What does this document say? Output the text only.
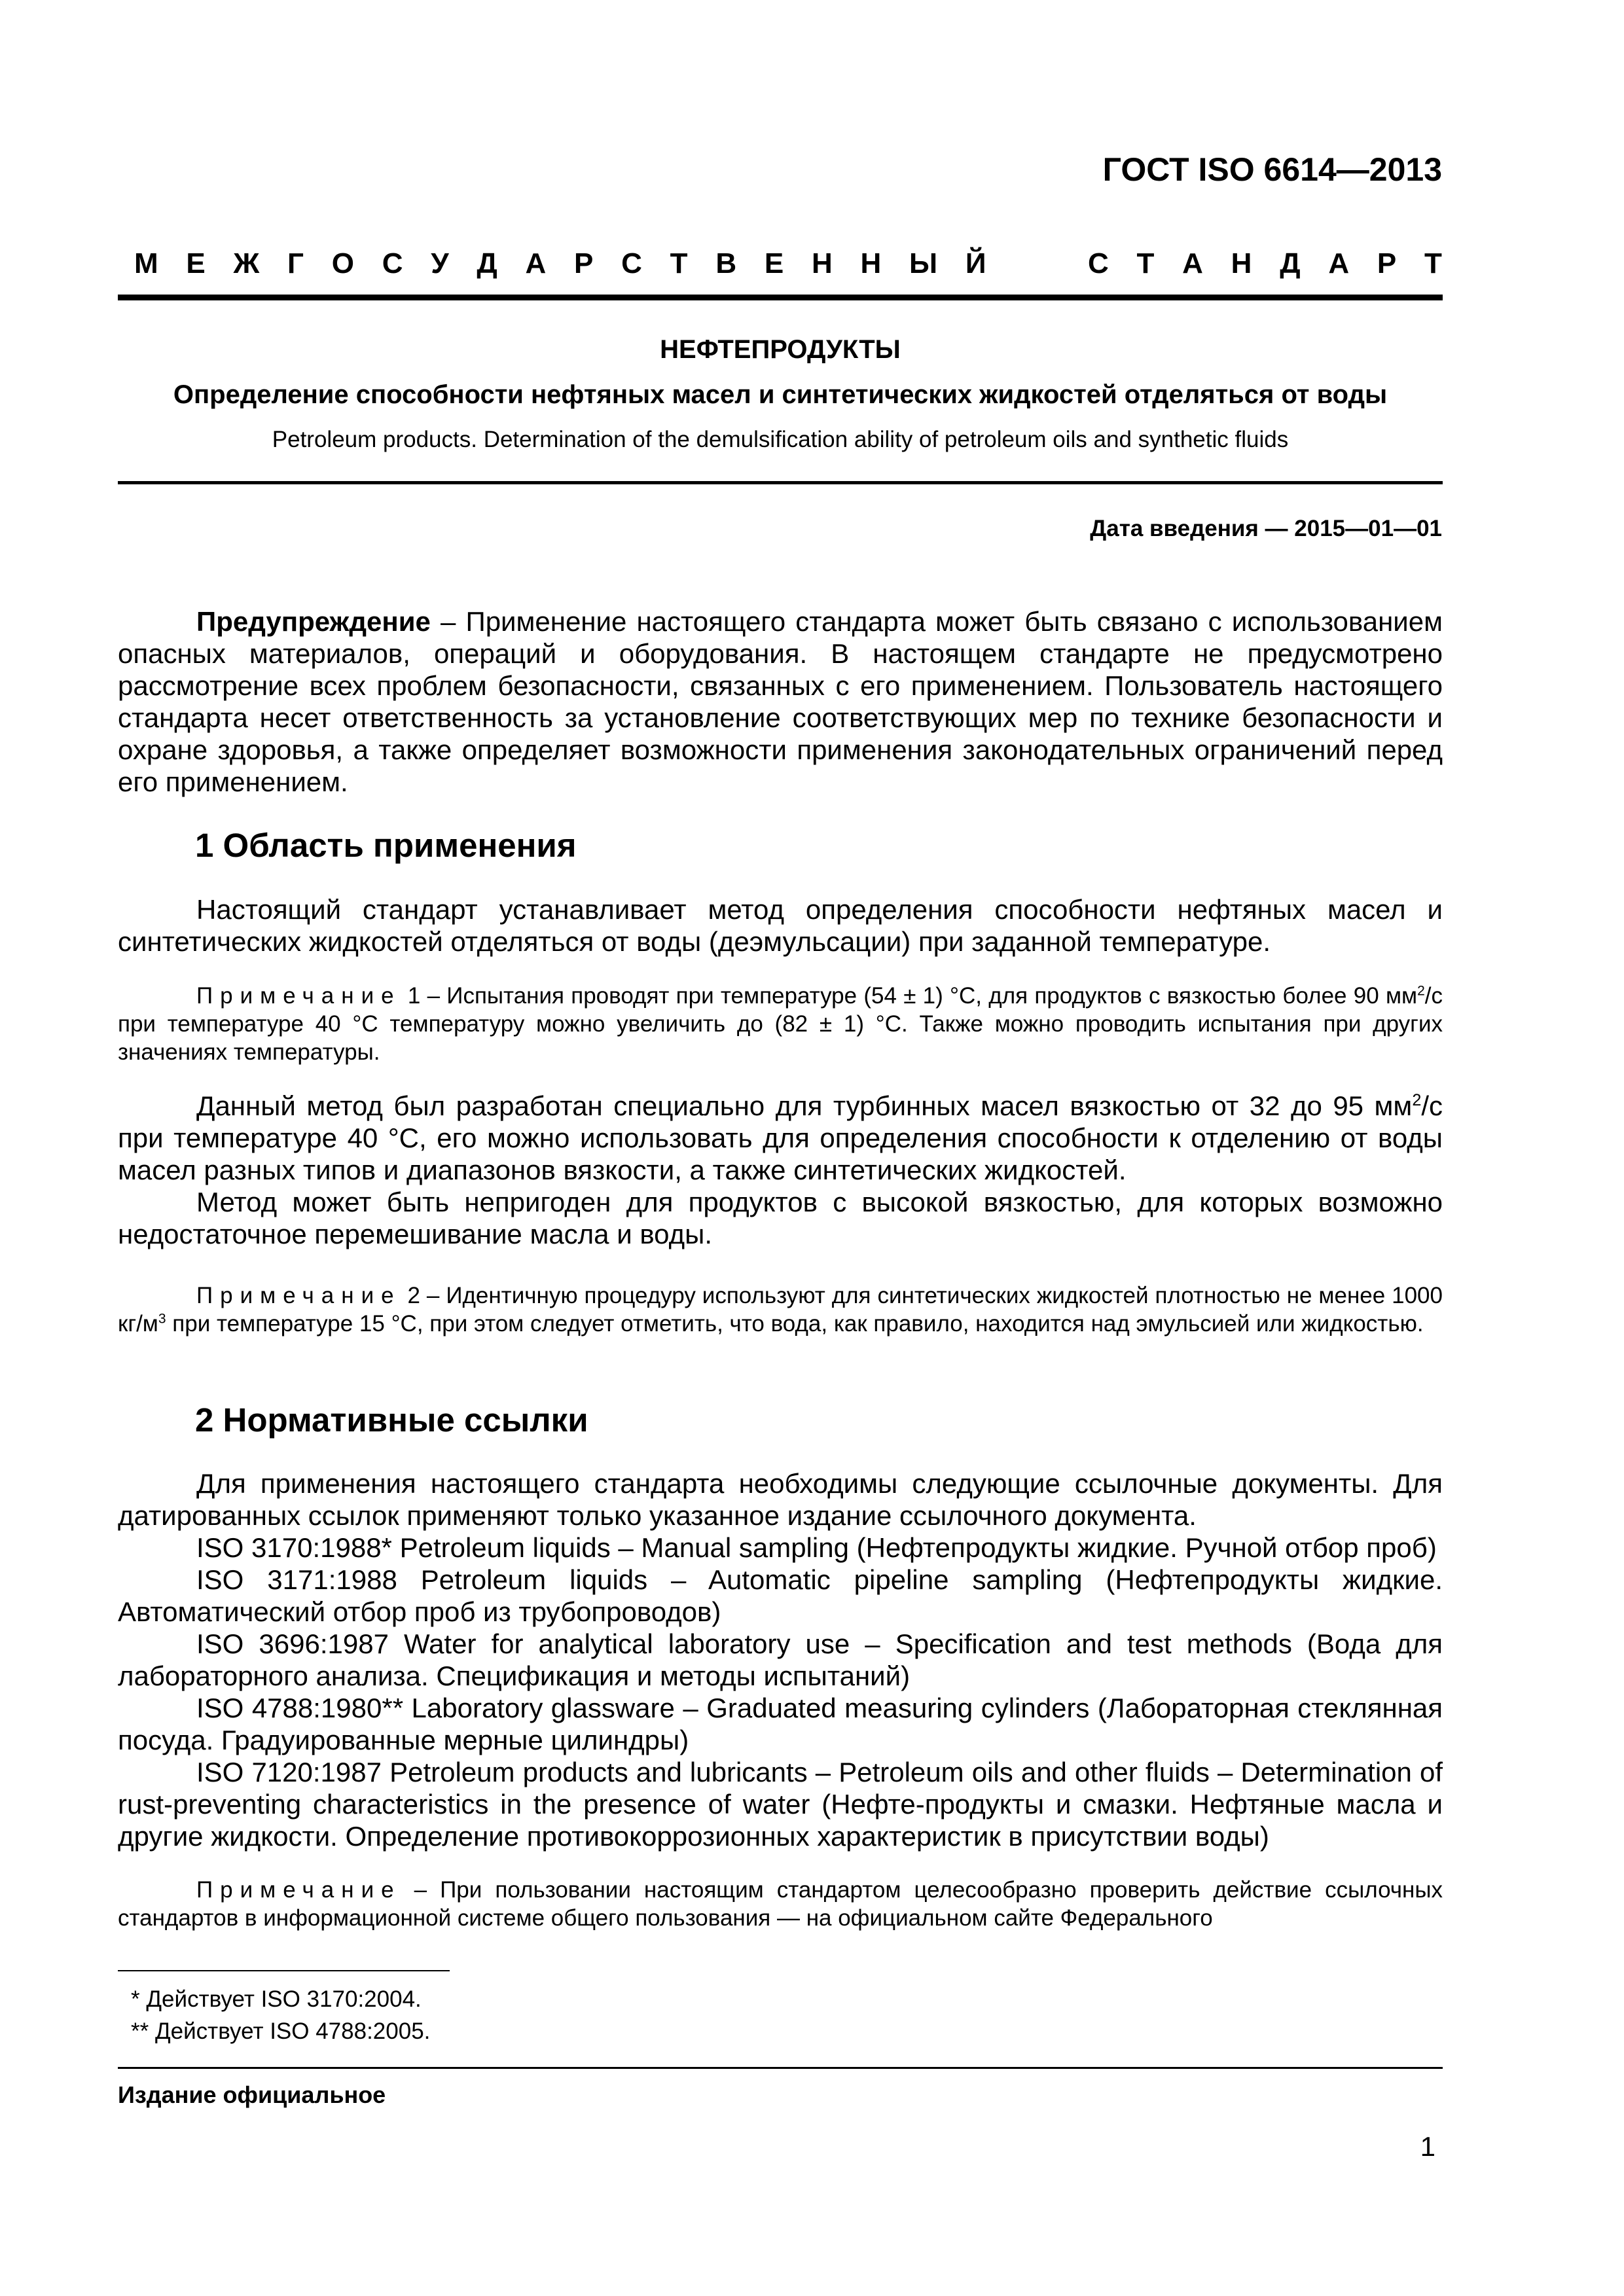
ГОСТ ISO 6614—2013
М Е Ж Г О С У Д А Р С Т В Е Н Н Ы Й	С Т А Н Д А Р Т
НЕФТЕПРОДУКТЫ
Определение способности нефтяных масел и синтетических жидкостей отделяться от воды
Petroleum products. Determination of the demulsification ability of petroleum oils and synthetic fluids
Дата введения — 2015—01—01

Предупреждение – Применение настоящего стандарта может быть связано с использованием опасных материалов, операций и оборудования. В настоящем стандарте не предусмотрено рассмотрение всех проблем безопасности, связанных с его применением. Пользователь настоящего стандарта несет ответственность за установление соответствующих мер по технике безопасности и охране здоровья, а также определяет возможности применения законодательных ограничений перед его применением.

1 Область применения

Настоящий стандарт устанавливает метод определения способности нефтяных масел и синтетических жидкостей отделяться от воды (деэмульсации) при заданной температуре.

Примечание 1 – Испытания проводят при температуре (54 ± 1) °С, для продуктов с вязкостью более 90 $мм^2/с$ при температуре 40 °С температуру можно увеличить до (82 ± 1) °С. Также можно проводить испытания при других значениях температуры.

Данный метод был разработан специально для турбинных масел вязкостью от 32 до 95 $мм^2/с$ при температуре 40 °С, его можно использовать для определения способности к отделению от воды масел разных типов и диапазонов вязкости, а также синтетических жидкостей.

Метод может быть непригоден для продуктов с высокой вязкостью, для которых возможно недостаточное перемешивание масла и воды.

Примечание 2 – Идентичную процедуру используют для синтетических жидкостей плотностью не менее 1000 $кг/м^3$ при температуре 15 °С, при этом следует отметить, что вода, как правило, находится над эмульсией или жидкостью.

2 Нормативные ссылки

Для применения настоящего стандарта необходимы следующие ссылочные документы. Для датированных ссылок применяют только указанное издание ссылочного документа.

ISO 3170:1988* Petroleum liquids – Manual sampling (Нефтепродукты жидкие. Ручной отбор проб)

ISO 3171:1988 Petroleum liquids – Automatic pipeline sampling (Нефтепродукты жидкие. Автоматический отбор проб из трубопроводов)

ISO 3696:1987 Water for analytical laboratory use – Specification and test methods (Вода для лабораторного анализа. Спецификация и методы испытаний)

ISO 4788:1980** Laboratory glassware – Graduated measuring cylinders (Лабораторная стеклянная посуда. Градуированные мерные цилиндры)

ISO 7120:1987 Petroleum products and lubricants – Petroleum oils and other fluids – Determination of rust-preventing characteristics in the presence of water (Нефте-продукты и смазки. Нефтяные масла и другие жидкости. Определение противокоррозионных характеристик в присутствии воды)

Примечание – При пользовании настоящим стандартом целесообразно проверить действие ссылочных стандартов в информационной системе общего пользования — на официальном сайте Федерального

* Действует ISO 3170:2004.
** Действует ISO 4788:2005.
Издание официальное
1
